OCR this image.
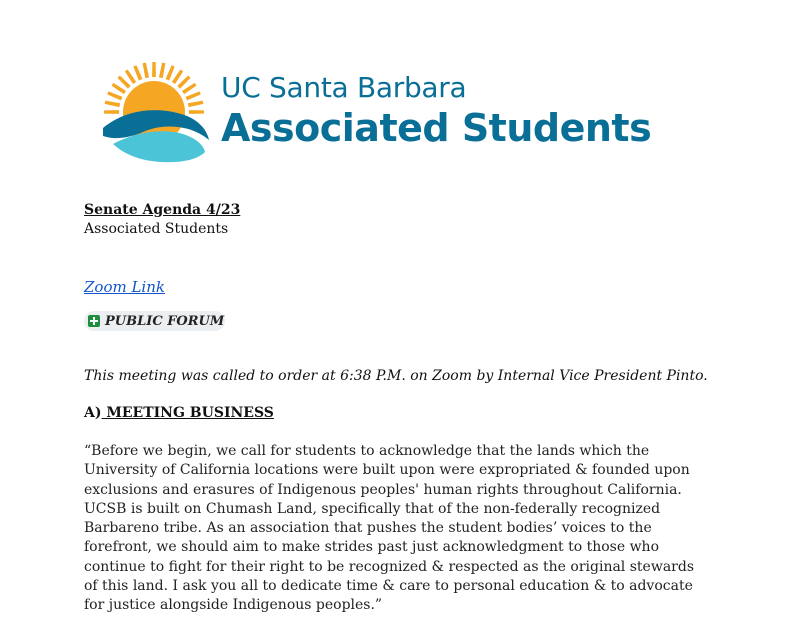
UC Santa Barbara

Associated Students

Senate Agenda 4/23

Associated Students

Zoom Link
PUBLIC FORUM

This meeting was called to order at 6:38 P.M. on Zoom by Internal Vice President Pinto.

A) MEETING BUSINESS

“Before we begin, we call for students to acknowledge that the lands which the University of California locations were built upon were expropriated & founded upon exclusions and erasures of Indigenous peoples' human rights throughout California. UCSB is built on Chumash Land, specifically that of the non-federally recognized Barbareno tribe. As an association that pushes the student bodies’ voices to the forefront, we should aim to make strides past just acknowledgment to those who continue to fight for their right to be recognized & respected as the original stewards of this land. I ask you all to dedicate time & care to personal education & to advocate for justice alongside Indigenous peoples.”
